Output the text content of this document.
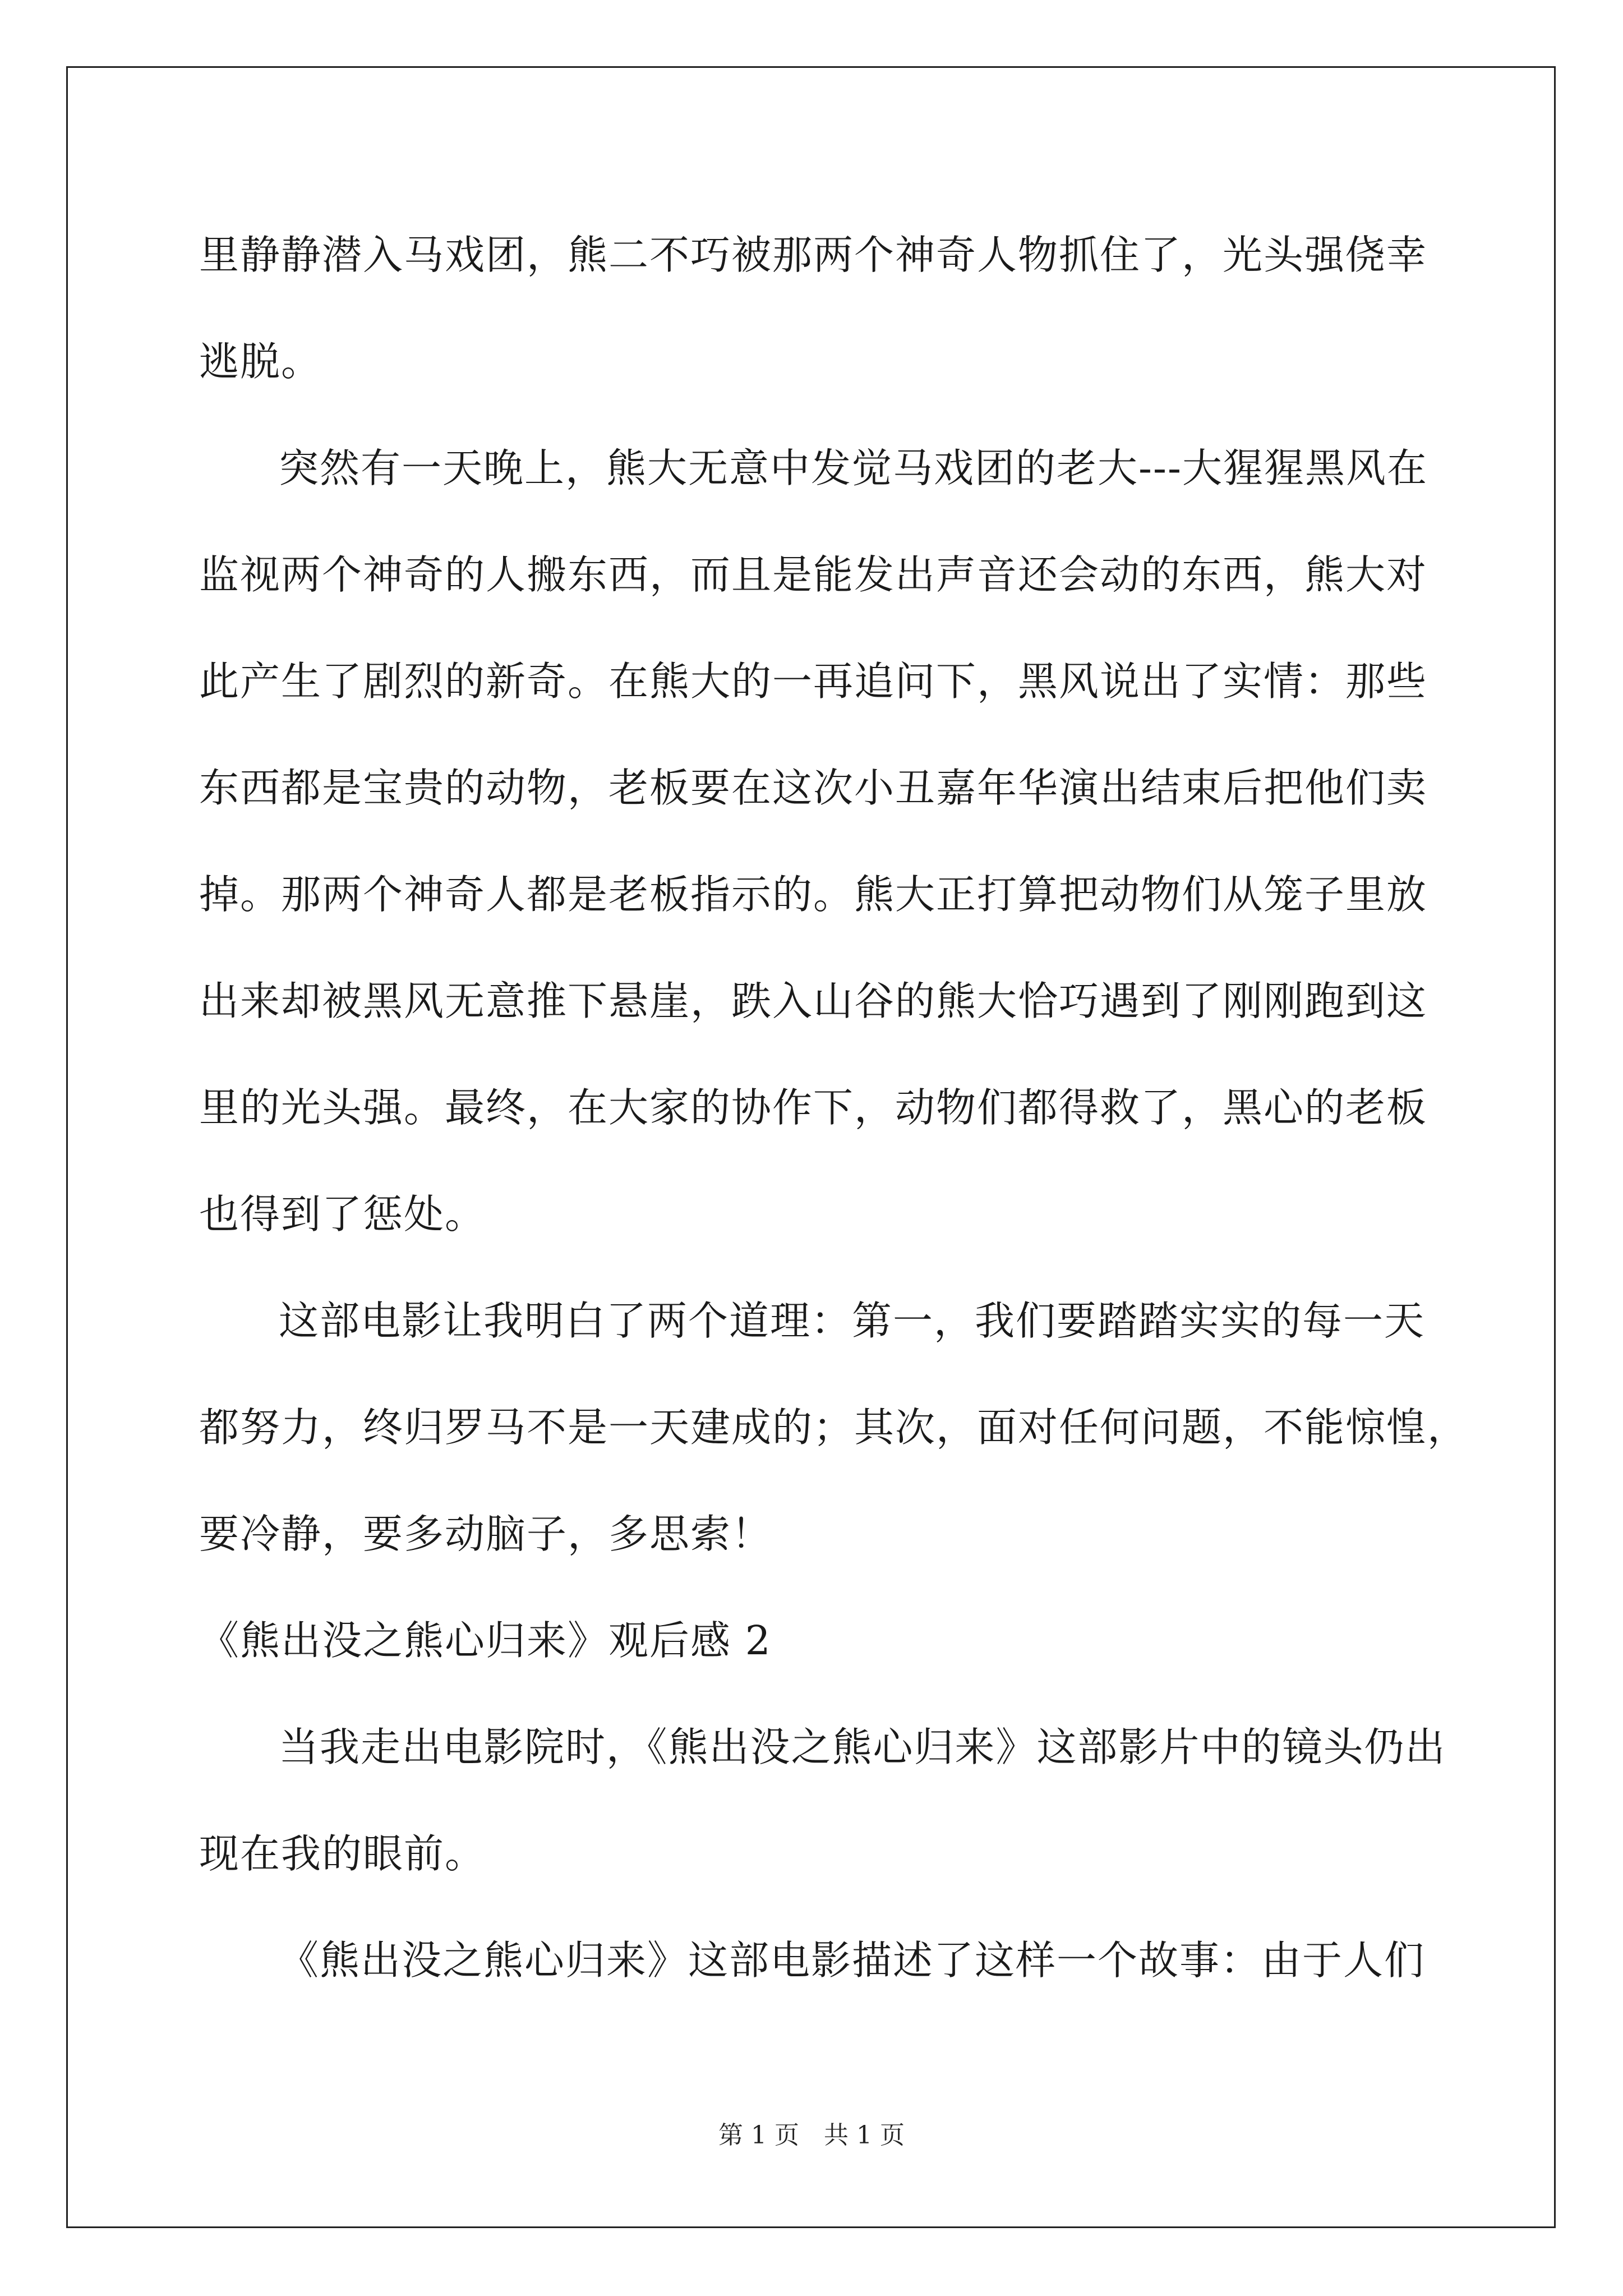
里静静潜入马戏团，熊二不巧被那两个神奇人物抓住了，光头强侥幸
逃脱。
突然有一天晚上，熊大无意中发觉马戏团的老大---大猩猩黑风在
监视两个神奇的人搬东西，而且是能发出声音还会动的东西，熊大对
此产生了剧烈的新奇。在熊大的一再追问下，黑风说出了实情：那些
东西都是宝贵的动物，老板要在这次小丑嘉年华演出结束后把他们卖
掉。那两个神奇人都是老板指示的。熊大正打算把动物们从笼子里放
出来却被黑风无意推下悬崖，跌入山谷的熊大恰巧遇到了刚刚跑到这
里的光头强。最终，在大家的协作下，动物们都得救了，黑心的老板
也得到了惩处。
这部电影让我明白了两个道理：第一，我们要踏踏实实的每一天
都努力，终归罗马不是一天建成的；其次，面对任何问题，不能惊惶，
要冷静，要多动脑子，多思索！
《熊出没之熊心归来》观后感 2
当我走出电影院时，《熊出没之熊心归来》这部影片中的镜头仍出
现在我的眼前。
《熊出没之熊心归来》这部电影描述了这样一个故事：由于人们
第 1 页　共 1 页
